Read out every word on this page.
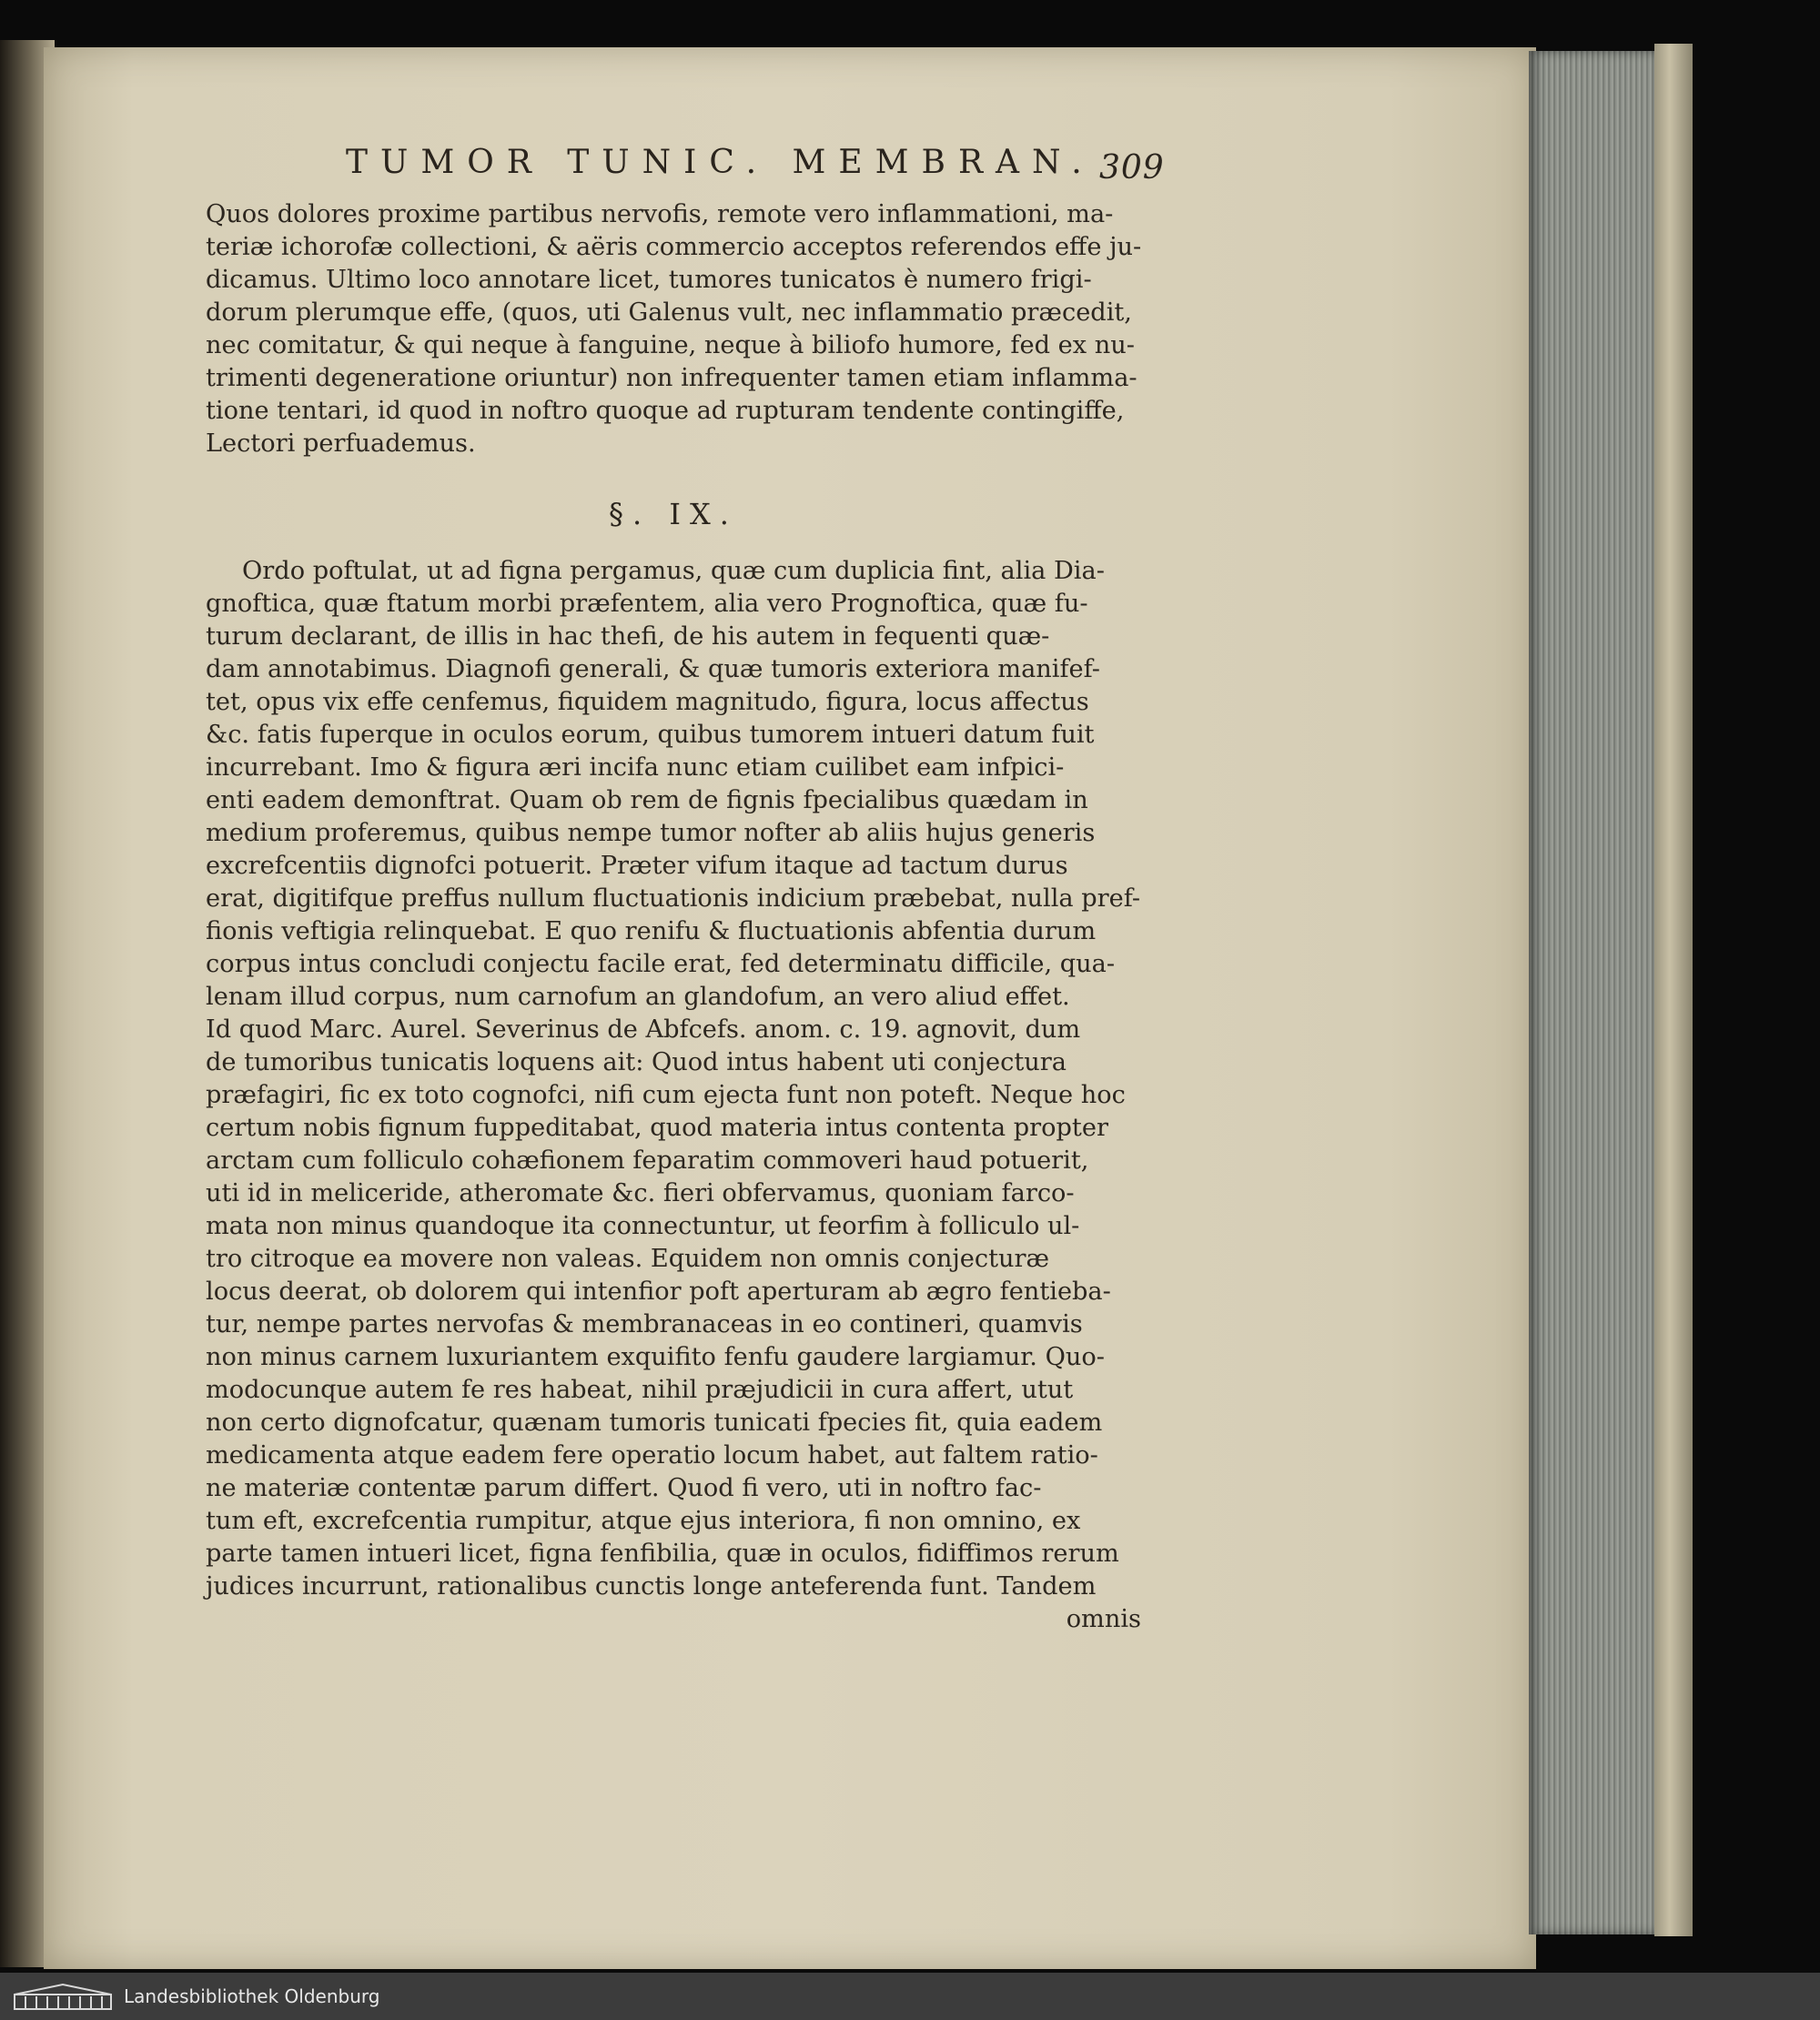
TUMOR TUNIC. MEMBRAN. 309
Quos dolores proxime partibus nervofis, remote vero inflammationi, ma-
teriæ ichorofæ collectioni, & aëris commercio acceptos referendos effe ju-
dicamus. Ultimo loco annotare licet, tumores tunicatos è numero frigi-
dorum plerumque effe, (quos, uti Galenus vult, nec inflammatio præcedit,
nec comitatur, & qui neque à fanguine, neque à biliofo humore, fed ex nu-
trimenti degeneratione oriuntur) non infrequenter tamen etiam inflamma-
tione tentari, id quod in noftro quoque ad rupturam tendente contingiffe,
Lectori perfuademus.
§. IX.
Ordo poftulat, ut ad figna pergamus, quæ cum duplicia fint, alia Dia-
gnoftica, quæ ftatum morbi præfentem, alia vero Prognoftica, quæ fu-
turum declarant, de illis in hac thefi, de his autem in fequenti quæ-
dam annotabimus. Diagnofi generali, & quæ tumoris exteriora manifef-
tet, opus vix effe cenfemus, fiquidem magnitudo, figura, locus affectus
&c. fatis fuperque in oculos eorum, quibus tumorem intueri datum fuit
incurrebant. Imo & figura æri incifa nunc etiam cuilibet eam infpici-
enti eadem demonftrat. Quam ob rem de fignis fpecialibus quædam in
medium proferemus, quibus nempe tumor nofter ab aliis hujus generis
excrefcentiis dignofci potuerit. Præter vifum itaque ad tactum durus
erat, digitifque preffus nullum fluctuationis indicium præbebat, nulla pref-
fionis veftigia relinquebat. E quo renifu & fluctuationis abfentia durum
corpus intus concludi conjectu facile erat, fed determinatu difficile, qua-
lenam illud corpus, num carnofum an glandofum, an vero aliud effet.
Id quod Marc. Aurel. Severinus de Abfcefs. anom. c. 19. agnovit, dum
de tumoribus tunicatis loquens ait: Quod intus habent uti conjectura
præfagiri, fic ex toto cognofci, nifi cum ejecta funt non poteft. Neque hoc
certum nobis fignum fuppeditabat, quod materia intus contenta propter
arctam cum folliculo cohæfionem feparatim commoveri haud potuerit,
uti id in meliceride, atheromate &c. fieri obfervamus, quoniam farco-
mata non minus quandoque ita connectuntur, ut feorfim à folliculo ul-
tro citroque ea movere non valeas. Equidem non omnis conjecturæ
locus deerat, ob dolorem qui intenfior poft aperturam ab ægro fentieba-
tur, nempe partes nervofas & membranaceas in eo contineri, quamvis
non minus carnem luxuriantem exquifito fenfu gaudere largiamur. Quo-
modocunque autem fe res habeat, nihil præjudicii in cura affert, utut
non certo dignofcatur, quænam tumoris tunicati fpecies fit, quia eadem
medicamenta atque eadem fere operatio locum habet, aut faltem ratio-
ne materiæ contentæ parum differt. Quod fi vero, uti in noftro fac-
tum eft, excrefcentia rumpitur, atque ejus interiora, fi non omnino, ex
parte tamen intueri licet, figna fenfibilia, quæ in oculos, fidiffimos rerum
judices incurrunt, rationalibus cunctis longe anteferenda funt. Tandem
omnis
Landesbibliothek Oldenburg
